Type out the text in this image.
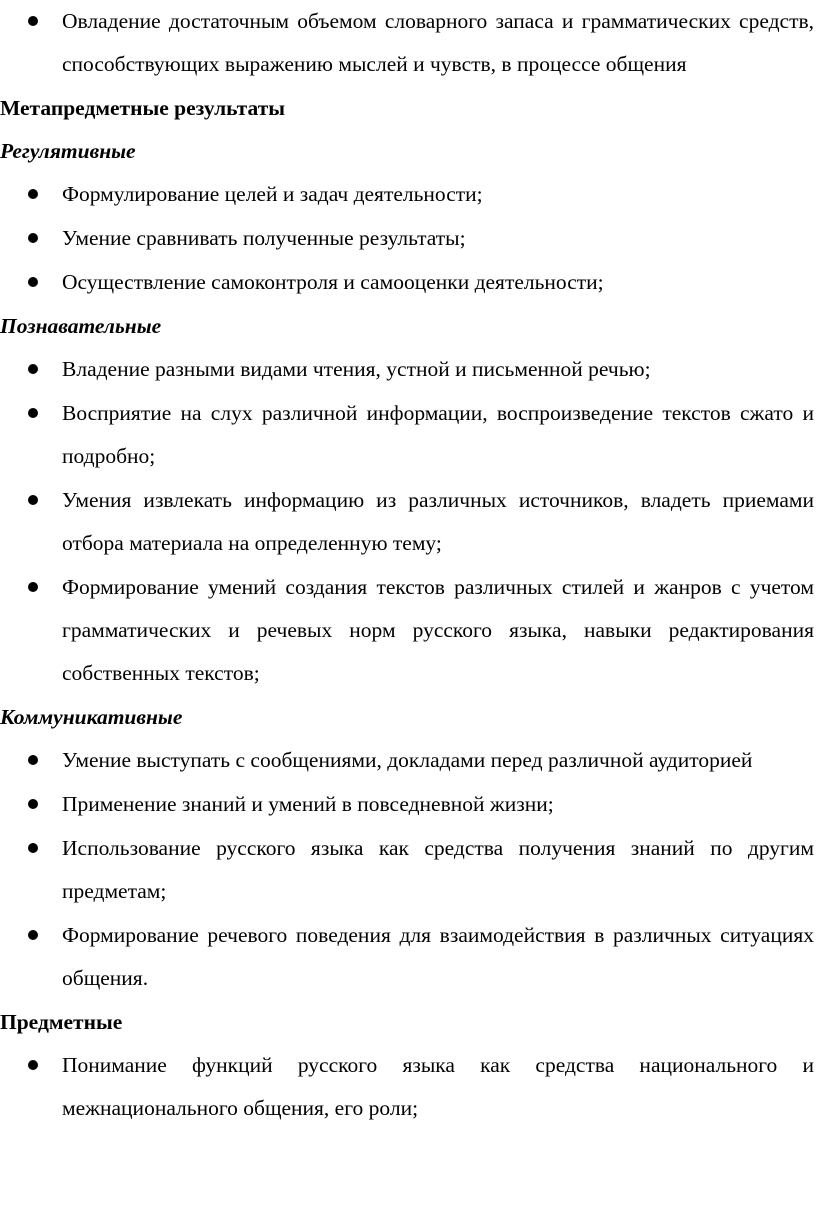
Овладение достаточным объемом словарного запаса и грамматических средств, способствующих выражению мыслей и чувств, в процессе общения
Метапредметные результаты
Регулятивные
Формулирование целей и задач деятельности;
Умение сравнивать полученные результаты;
Осуществление самоконтроля и самооценки деятельности;
Познавательные
Владение разными видами чтения, устной и письменной речью;
Восприятие на слух различной информации, воспроизведение текстов сжато и подробно;
Умения извлекать информацию из различных источников, владеть приемами отбора материала на определенную тему;
Формирование умений создания текстов различных стилей и жанров с учетом грамматических и речевых норм русского языка, навыки редактирования собственных текстов;
Коммуникативные
Умение выступать с сообщениями, докладами перед различной аудиторией
Применение знаний и умений в повседневной жизни;
Использование русского языка как средства получения знаний по другим предметам;
Формирование речевого поведения для взаимодействия в различных ситуациях общения.
Предметные
Понимание функций русского языка как средства национального и межнационального общения, его роли;
